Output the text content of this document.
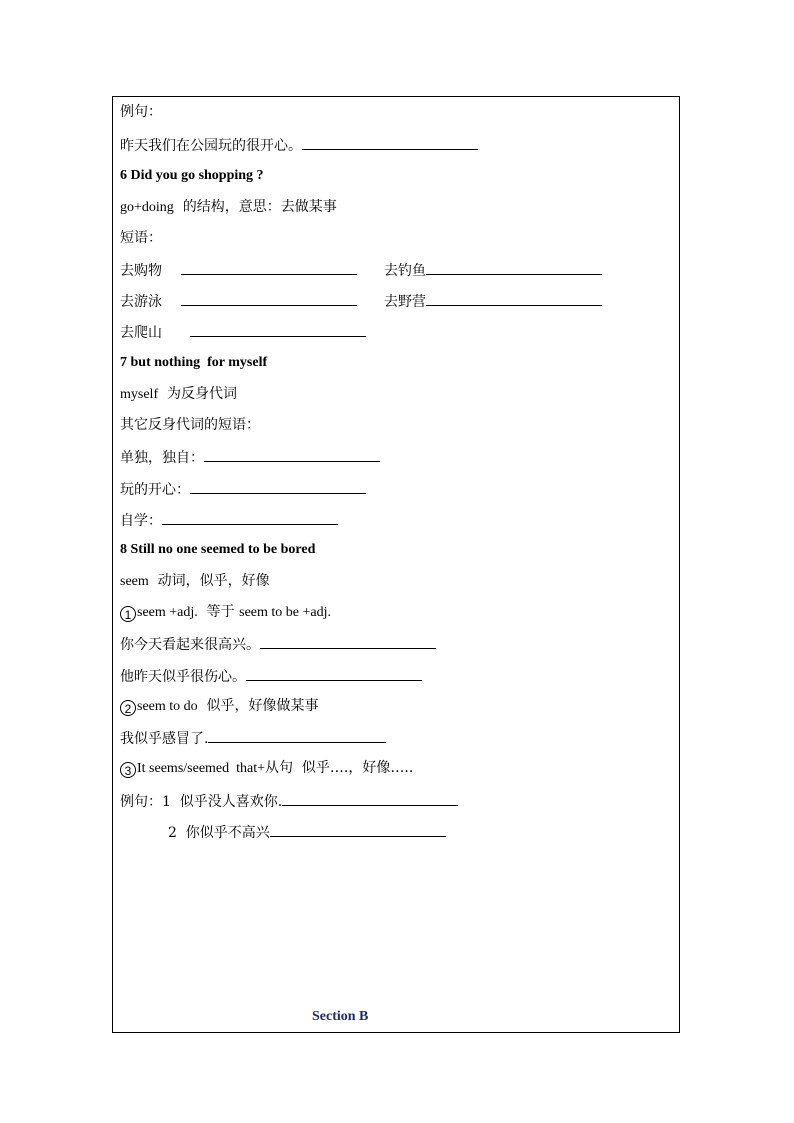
例句：
昨天我们在公园玩的很开心。
6 Did you go shopping ?
go+doing  的结构，意思：去做某事
短语：
去购物	去钓鱼
去游泳	去野营
去爬山
7 but nothing  for myself
myself  为反身代词
其它反身代词的短语：
单独，独自：
玩的开心：
自学：
8 Still no one seemed to be bored
seem  动词，似乎，好像
1 seem +adj.  等于 seem to be +adj.
你今天看起来很高兴。
他昨天似乎很伤心。
2 seem to do  似乎，好像做某事
我似乎感冒了.
3 It seems/seemed  that+从句  似乎….，好像…..
例句：1  似乎没人喜欢你.
2  你似乎不高兴
Section B
